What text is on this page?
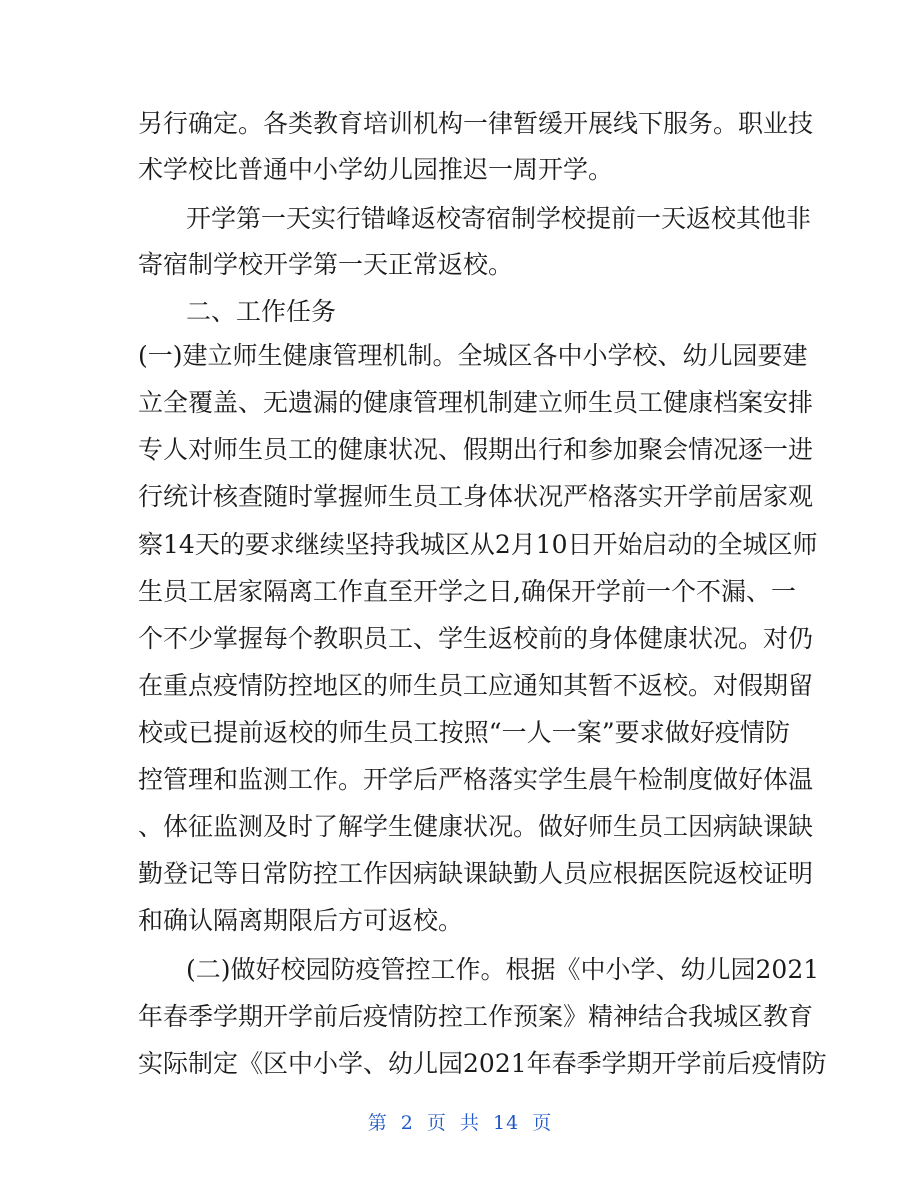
另行确定。各类教育培训机构一律暂缓开展线下服务。职业技
术学校比普通中小学幼儿园推迟一周开学。
开学第一天实行错峰返校寄宿制学校提前一天返校其他非
寄宿制学校开学第一天正常返校。
二、工作任务
(一)建立师生健康管理机制。全城区各中小学校、幼儿园要建
立全覆盖、无遗漏的健康管理机制建立师生员工健康档案安排
专人对师生员工的健康状况、假期出行和参加聚会情况逐一进
行统计核查随时掌握师生员工身体状况严格落实开学前居家观
察14天的要求继续坚持我城区从2月10日开始启动的全城区师
生员工居家隔离工作直至开学之日,确保开学前一个不漏、一
个不少掌握每个教职员工、学生返校前的身体健康状况。对仍
在重点疫情防控地区的师生员工应通知其暂不返校。对假期留
校或已提前返校的师生员工按照“一人一案”要求做好疫情防
控管理和监测工作。开学后严格落实学生晨午检制度做好体温
、体征监测及时了解学生健康状况。做好师生员工因病缺课缺
勤登记等日常防控工作因病缺课缺勤人员应根据医院返校证明
和确认隔离期限后方可返校。
(二)做好校园防疫管控工作。根据《中小学、幼儿园2021
年春季学期开学前后疫情防控工作预案》精神结合我城区教育
实际制定《区中小学、幼儿园2021年春季学期开学前后疫情防
第 2 页 共 14 页
